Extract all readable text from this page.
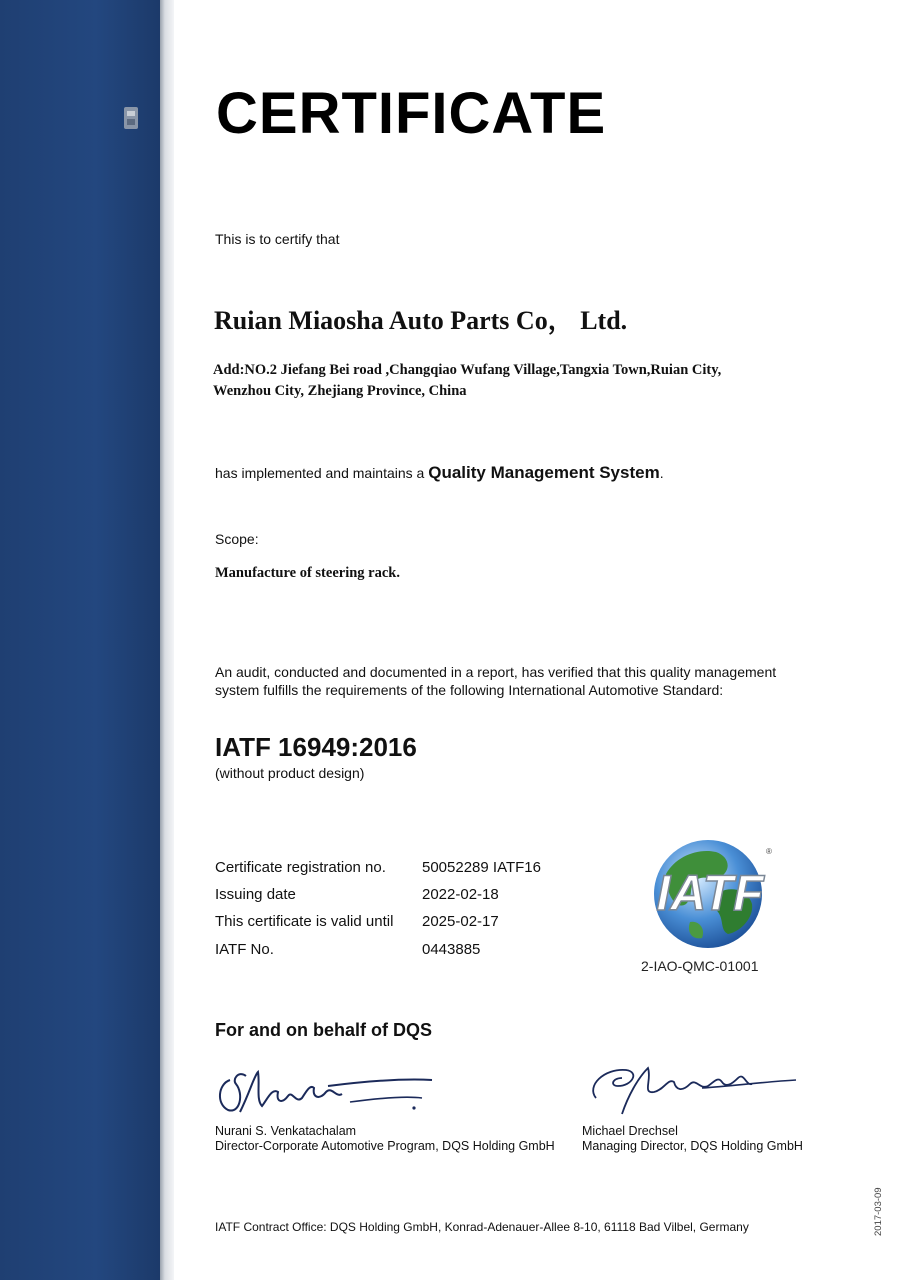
CERTIFICATE
This is to certify that
Ruian Miaosha Auto Parts Co， Ltd.
Add:NO.2 Jiefang Bei road ,Changqiao Wufang Village,Tangxia Town,Ruian City,
Wenzhou City, Zhejiang Province, China
has implemented and maintains a Quality Management System.
Scope:
Manufacture of steering rack.
An audit, conducted and documented in a report, has verified that this quality management
system fulfills the requirements of the following International Automotive Standard:
IATF 16949:2016
(without product design)
Certificate registration no. 50052289 IATF16
Issuing date	2022-02-18
This certificate is valid until 2025-02-17
IATF No.	0443885
IATF
®
2-IAO-QMC-01001
For and on behalf of DQS
Nurani S. Venkatachalam
Director-Corporate Automotive Program, DQS Holding GmbH
Michael Drechsel
Managing Director, DQS Holding GmbH
IATF Contract Office: DQS Holding GmbH, Konrad-Adenauer-Allee 8-10, 61118 Bad Vilbel, Germany	2017-03-09
